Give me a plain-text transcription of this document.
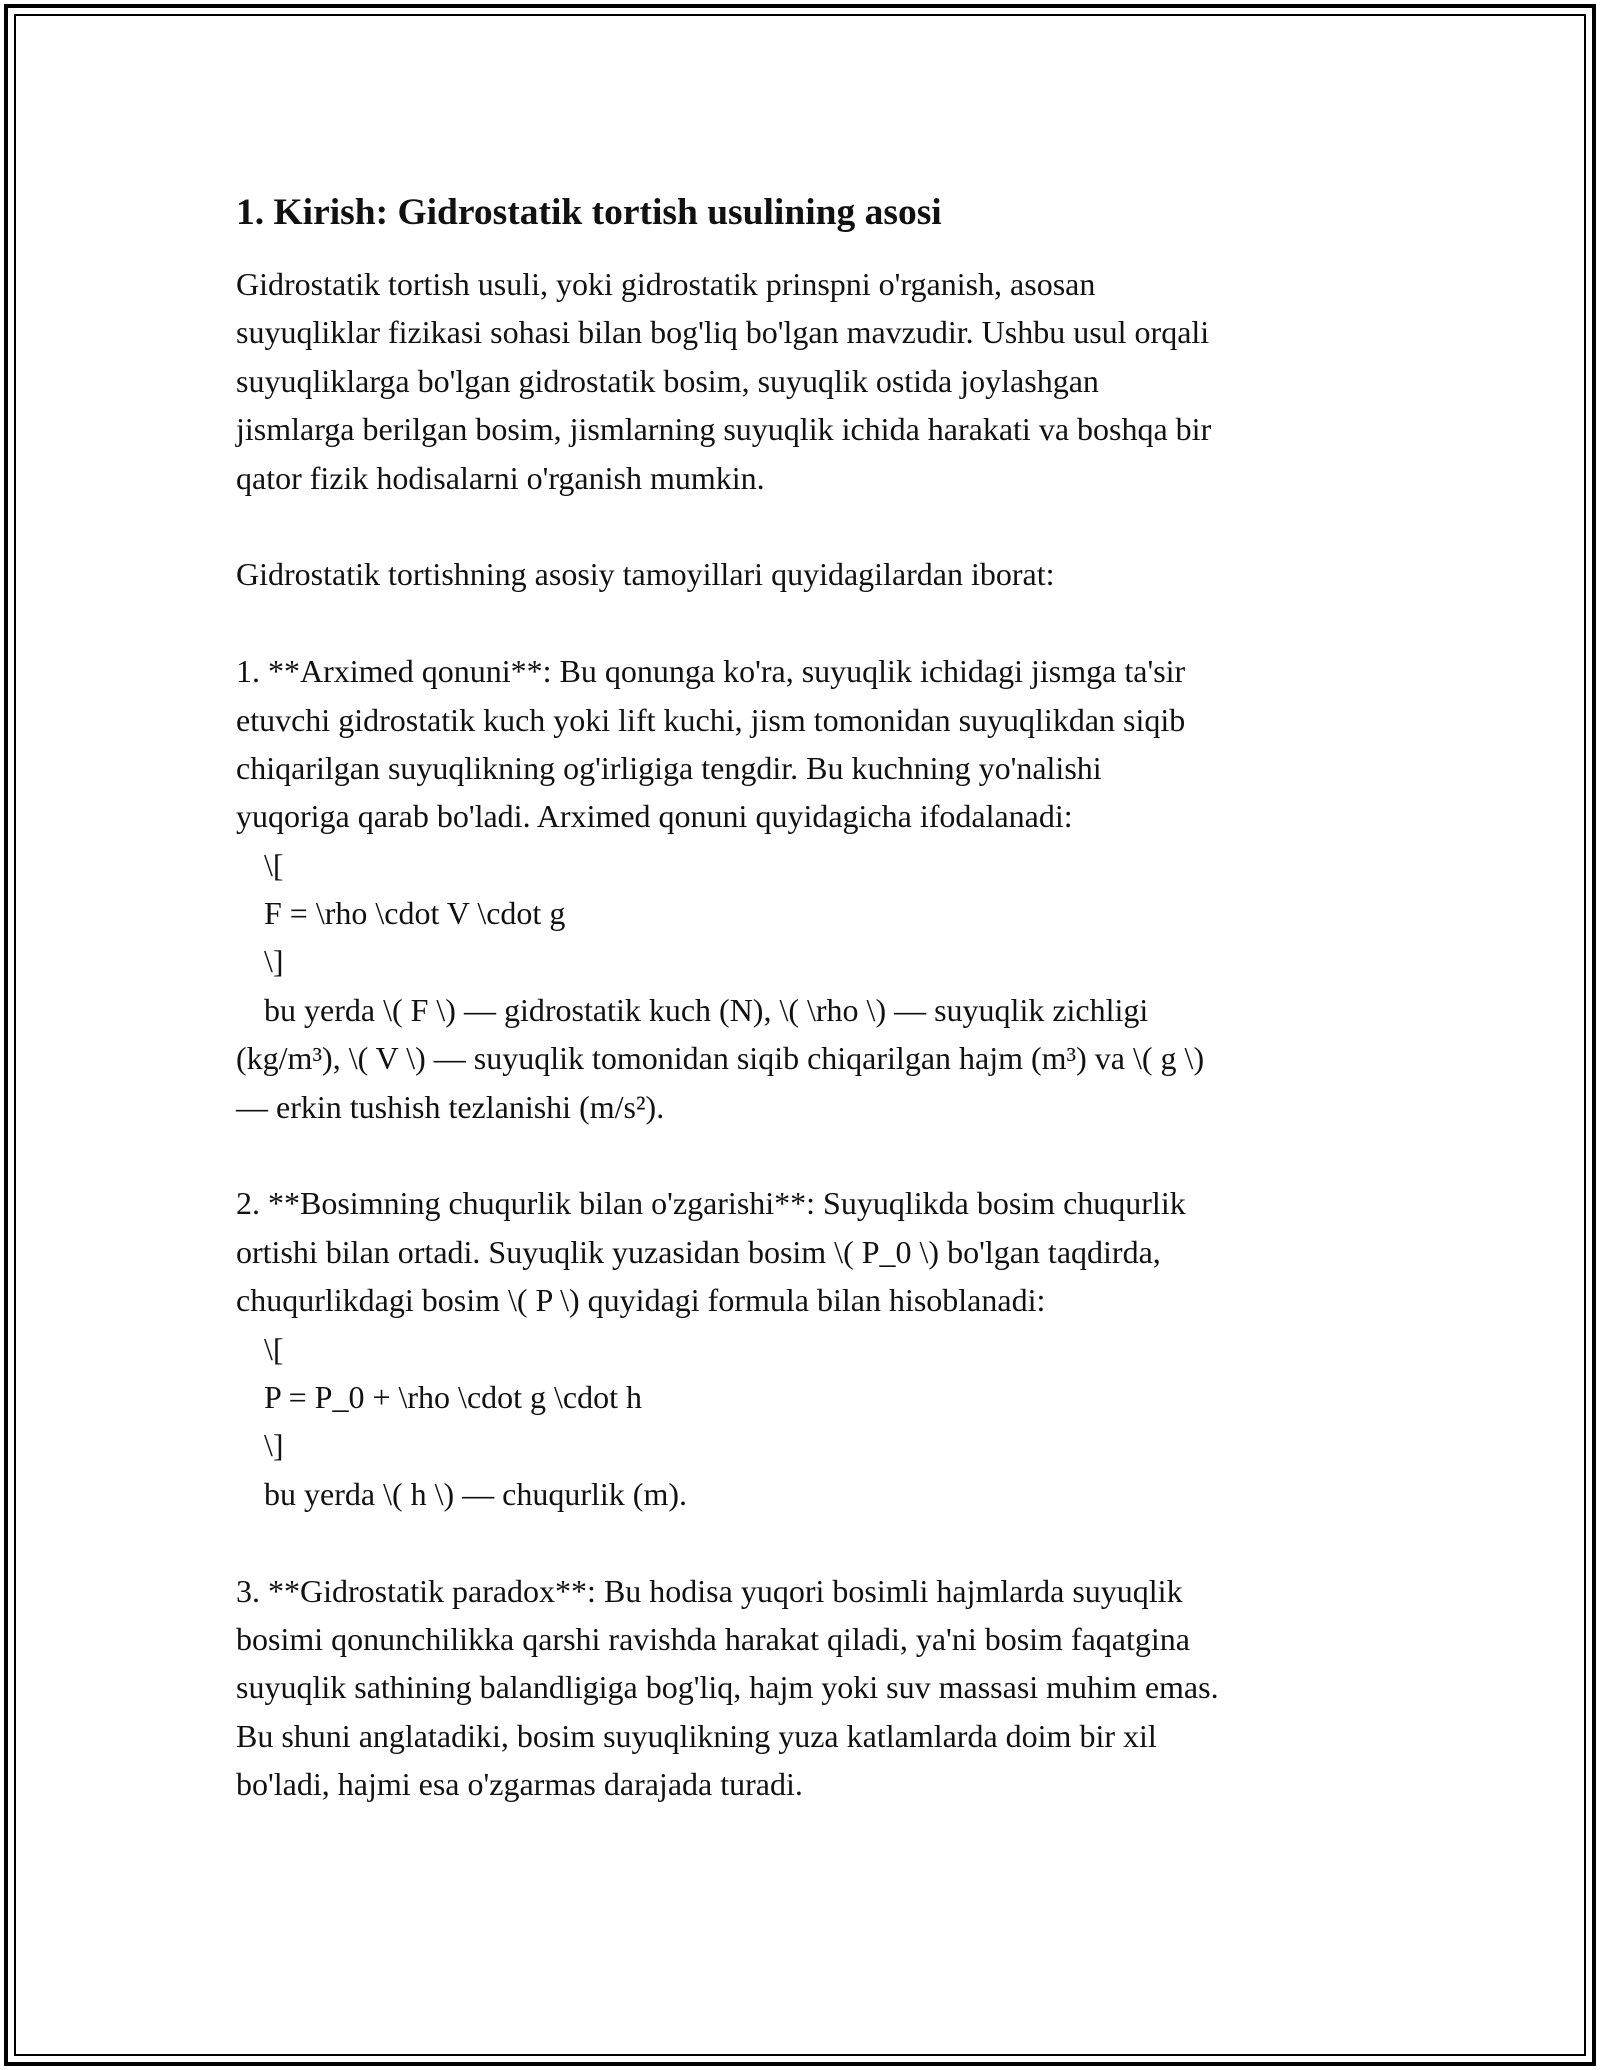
1. Kirish: Gidrostatik tortish usulining asosi
Gidrostatik tortish usuli, yoki gidrostatik prinspni o'rganish, asosan
suyuqliklar fizikasi sohasi bilan bog'liq bo'lgan mavzudir. Ushbu usul orqali
suyuqliklarga bo'lgan gidrostatik bosim, suyuqlik ostida joylashgan
jismlarga berilgan bosim, jismlarning suyuqlik ichida harakati va boshqa bir
qator fizik hodisalarni o'rganish mumkin.
Gidrostatik tortishning asosiy tamoyillari quyidagilardan iborat:
1. **Arximed qonuni**: Bu qonunga ko'ra, suyuqlik ichidagi jismga ta'sir
etuvchi gidrostatik kuch yoki lift kuchi, jism tomonidan suyuqlikdan siqib
chiqarilgan suyuqlikning og'irligiga tengdir. Bu kuchning yo'nalishi
yuqoriga qarab bo'ladi. Arximed qonuni quyidagicha ifodalanadi:
\[
F = \rho \cdot V \cdot g
\]
bu yerda \( F \) — gidrostatik kuch (N), \( \rho \) — suyuqlik zichligi
(kg/m³), \( V \) — suyuqlik tomonidan siqib chiqarilgan hajm (m³) va \( g \)
— erkin tushish tezlanishi (m/s²).
2. **Bosimning chuqurlik bilan o'zgarishi**: Suyuqlikda bosim chuqurlik
ortishi bilan ortadi. Suyuqlik yuzasidan bosim \( P_0 \) bo'lgan taqdirda,
chuqurlikdagi bosim \( P \) quyidagi formula bilan hisoblanadi:
\[
P = P_0 + \rho \cdot g \cdot h
\]
bu yerda \( h \) — chuqurlik (m).
3. **Gidrostatik paradox**: Bu hodisa yuqori bosimli hajmlarda suyuqlik
bosimi qonunchilikka qarshi ravishda harakat qiladi, ya'ni bosim faqatgina
suyuqlik sathining balandligiga bog'liq, hajm yoki suv massasi muhim emas.
Bu shuni anglatadiki, bosim suyuqlikning yuza katlamlarda doim bir xil
bo'ladi, hajmi esa o'zgarmas darajada turadi.
